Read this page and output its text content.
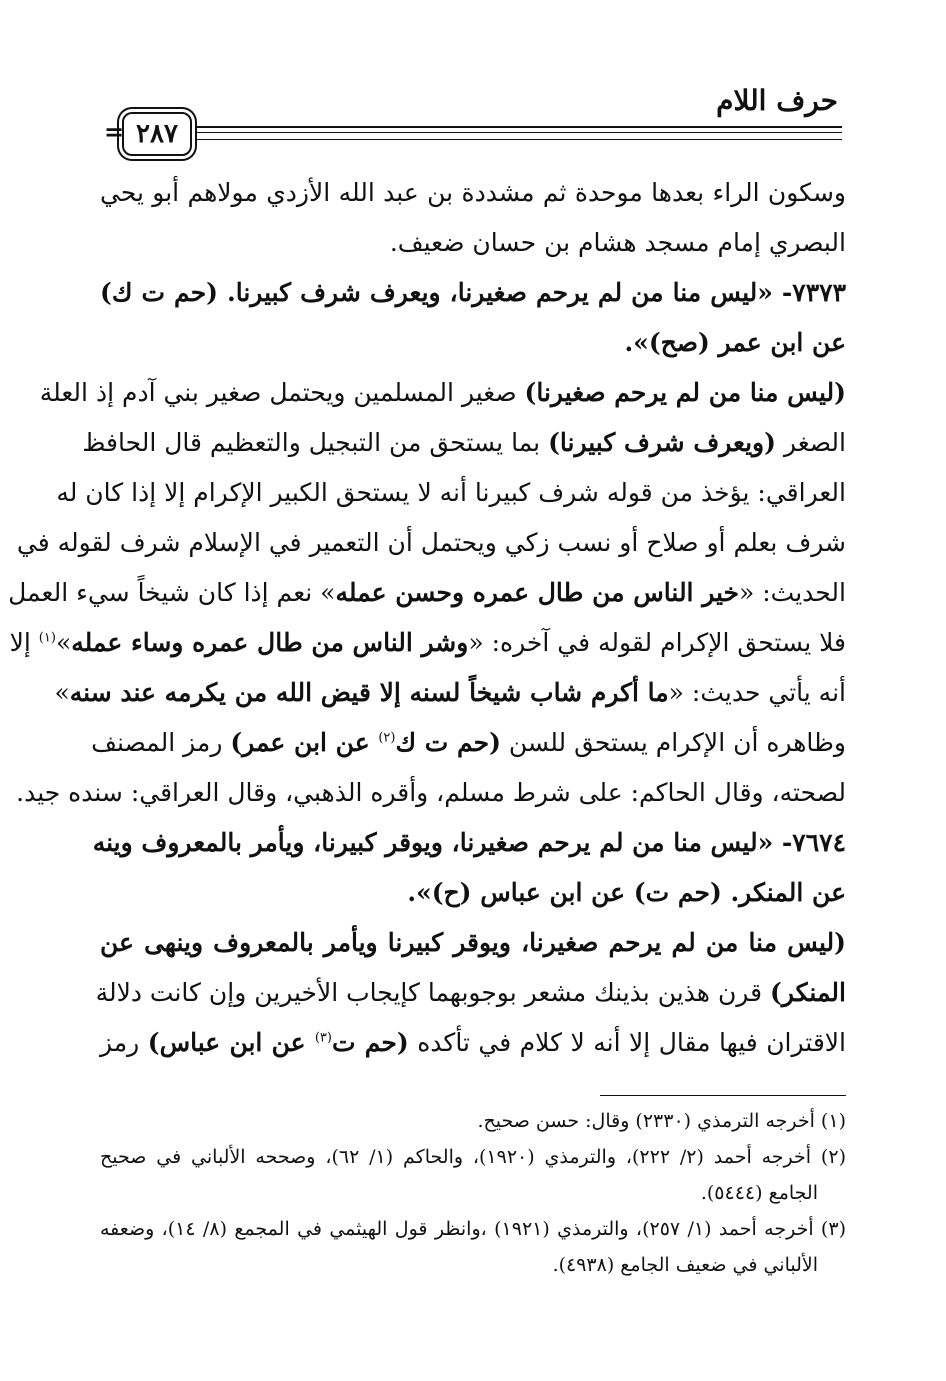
حرف اللام
٢٨٧
=
وسكون الراء بعدها موحدة ثم مشددة بن عبد الله الأزدي مولاهم أبو يحي
البصري إمام مسجد هشام بن حسان ضعيف.
٧٣٧٣- «ليس منا من لم يرحم صغيرنا، ويعرف شرف كبيرنا. (حم ت ك)
عن ابن عمر (صح)».
(ليس منا من لم يرحم صغيرنا) صغير المسلمين ويحتمل صغير بني آدم إذ العلة
الصغر (ويعرف شرف كبيرنا) بما يستحق من التبجيل والتعظيم قال الحافظ
العراقي: يؤخذ من قوله شرف كبيرنا أنه لا يستحق الكبير الإكرام إلا إذا كان له
شرف بعلم أو صلاح أو نسب زكي ويحتمل أن التعمير في الإسلام شرف لقوله في
الحديث: «خير الناس من طال عمره وحسن عمله» نعم إذا كان شيخاً سيء العمل
فلا يستحق الإكرام لقوله في آخره: «وشر الناس من طال عمره وساء عمله»$^{(١)}$ إلا
أنه يأتي حديث: «ما أكرم شاب شيخاً لسنه إلا قيض الله من يكرمه عند سنه»
وظاهره أن الإكرام يستحق للسن (حم ت ك$^{(٢)}$ عن ابن عمر) رمز المصنف
لصحته، وقال الحاكم: على شرط مسلم، وأقره الذهبي، وقال العراقي: سنده جيد.
٧٦٧٤- «ليس منا من لم يرحم صغيرنا، ويوقر كبيرنا، ويأمر بالمعروف وينه
عن المنكر. (حم ت) عن ابن عباس (ح)».
(ليس منا من لم يرحم صغيرنا، ويوقر كبيرنا ويأمر بالمعروف وينهى عن
المنكر) قرن هذين بذينك مشعر بوجوبهما كإيجاب الأخيرين وإن كانت دلالة
الاقتران فيها مقال إلا أنه لا كلام في تأكده (حم ت$^{(٣)}$ عن ابن عباس) رمز
(١) أخرجه الترمذي (٢٣٣٠) وقال: حسن صحيح.
(٢) أخرجه أحمد (٢/ ٢٢٢)، والترمذي (١٩٢٠)، والحاكم (١/ ٦٢)، وصححه الألباني في صحيح
الجامع (٥٤٤٤).
(٣) أخرجه أحمد (١/ ٢٥٧)، والترمذي (١٩٢١) ،وانظر قول الهيثمي في المجمع (٨/ ١٤)، وضعفه
الألباني في ضعيف الجامع (٤٩٣٨).
